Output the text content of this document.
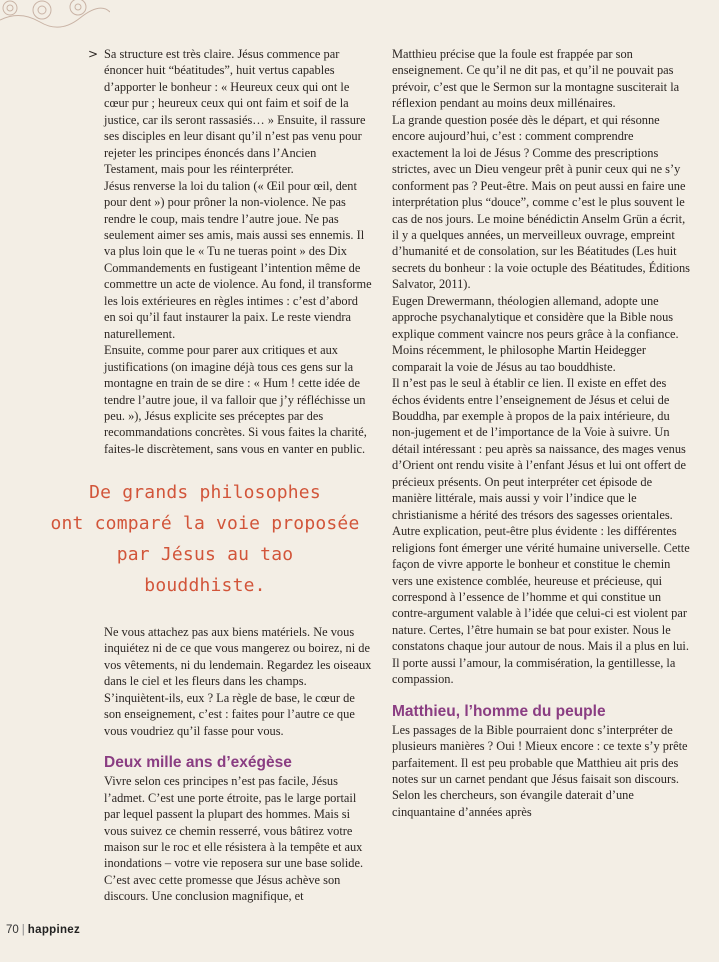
> Sa structure est très claire. Jésus commence par énoncer huit “béatitudes”, huit vertus capables d’apporter le bonheur : « Heureux ceux qui ont le cœur pur ; heureux ceux qui ont faim et soif de la justice, car ils seront rassasiés… » Ensuite, il rassure ses disciples en leur disant qu’il n’est pas venu pour rejeter les principes énoncés dans l’Ancien Testament, mais pour les réinterpréter.

Jésus renverse la loi du talion (« Œil pour œil, dent pour dent ») pour prôner la non-violence. Ne pas rendre le coup, mais tendre l’autre joue. Ne pas seulement aimer ses amis, mais aussi ses ennemis. Il va plus loin que le « Tu ne tueras point » des Dix Commandements en fustigeant l’intention même de commettre un acte de violence. Au fond, il transforme les lois extérieures en règles intimes : c’est d’abord en soi qu’il faut instaurer la paix. Le reste viendra naturellement.

Ensuite, comme pour parer aux critiques et aux justifications (on imagine déjà tous ces gens sur la montagne en train de se dire : « Hum ! cette idée de tendre l’autre joue, il va falloir que j’y réfléchisse un peu. »), Jésus explicite ses préceptes par des recommandations concrètes. Si vous faites la charité, faites-le discrètement, sans vous en vanter en public.

De grands philosophes
ont comparé la voie proposée
par Jésus au tao
bouddhiste.

Ne vous attachez pas aux biens matériels. Ne vous inquiétez ni de ce que vous mangerez ou boirez, ni de vos vêtements, ni du lendemain. Regardez les oiseaux dans le ciel et les fleurs dans les champs. S’inquiètent-ils, eux ? La règle de base, le cœur de son enseignement, c’est : faites pour l’autre ce que vous voudriez qu’il fasse pour vous.

Deux mille ans d’exégèse

Vivre selon ces principes n’est pas facile, Jésus l’admet. C’est une porte étroite, pas le large portail par lequel passent la plupart des hommes. Mais si vous suivez ce chemin resserré, vous bâtirez votre maison sur le roc et elle résistera à la tempête et aux inondations – votre vie reposera sur une base solide. C’est avec cette promesse que Jésus achève son discours. Une conclusion magnifique, et

Matthieu précise que la foule est frappée par son enseignement. Ce qu’il ne dit pas, et qu’il ne pouvait pas prévoir, c’est que le Sermon sur la montagne susciterait la réflexion pendant au moins deux millénaires.

La grande question posée dès le départ, et qui résonne encore aujourd’hui, c’est : comment comprendre exactement la loi de Jésus ? Comme des prescriptions strictes, avec un Dieu vengeur prêt à punir ceux qui ne s’y conforment pas ? Peut-être. Mais on peut aussi en faire une interprétation plus “douce”, comme c’est le plus souvent le cas de nos jours. Le moine bénédictin Anselm Grün a écrit, il y a quelques années, un merveilleux ouvrage, empreint d’humanité et de consolation, sur les Béatitudes (Les huit secrets du bonheur : la voie octuple des Béatitudes, Éditions Salvator, 2011).

Eugen Drewermann, théologien allemand, adopte une approche psychanalytique et considère que la Bible nous explique comment vaincre nos peurs grâce à la confiance. Moins récemment, le philosophe Martin Heidegger comparait la voie de Jésus au tao bouddhiste.

Il n’est pas le seul à établir ce lien. Il existe en effet des échos évidents entre l’enseignement de Jésus et celui de Bouddha, par exemple à propos de la paix intérieure, du non-jugement et de l’importance de la Voie à suivre. Un détail intéressant : peu après sa naissance, des mages venus d’Orient ont rendu visite à l’enfant Jésus et lui ont offert de précieux présents. On peut interpréter cet épisode de manière littérale, mais aussi y voir l’indice que le christianisme a hérité des trésors des sagesses orientales.

Autre explication, peut-être plus évidente : les différentes religions font émerger une vérité humaine universelle. Cette façon de vivre apporte le bonheur et constitue le chemin vers une existence comblée, heureuse et précieuse, qui correspond à l’essence de l’homme et qui constitue un contre-argument valable à l’idée que celui-ci est violent par nature. Certes, l’être humain se bat pour exister. Nous le constatons chaque jour autour de nous. Mais il a plus en lui. Il porte aussi l’amour, la commisération, la gentillesse, la compassion.

Matthieu, l’homme du peuple

Les passages de la Bible pourraient donc s’interpréter de plusieurs manières ? Oui ! Mieux encore : ce texte s’y prête parfaitement. Il est peu probable que Matthieu ait pris des notes sur un carnet pendant que Jésus faisait son discours. Selon les chercheurs, son évangile daterait d’une cinquantaine d’années après

70 | happinez
